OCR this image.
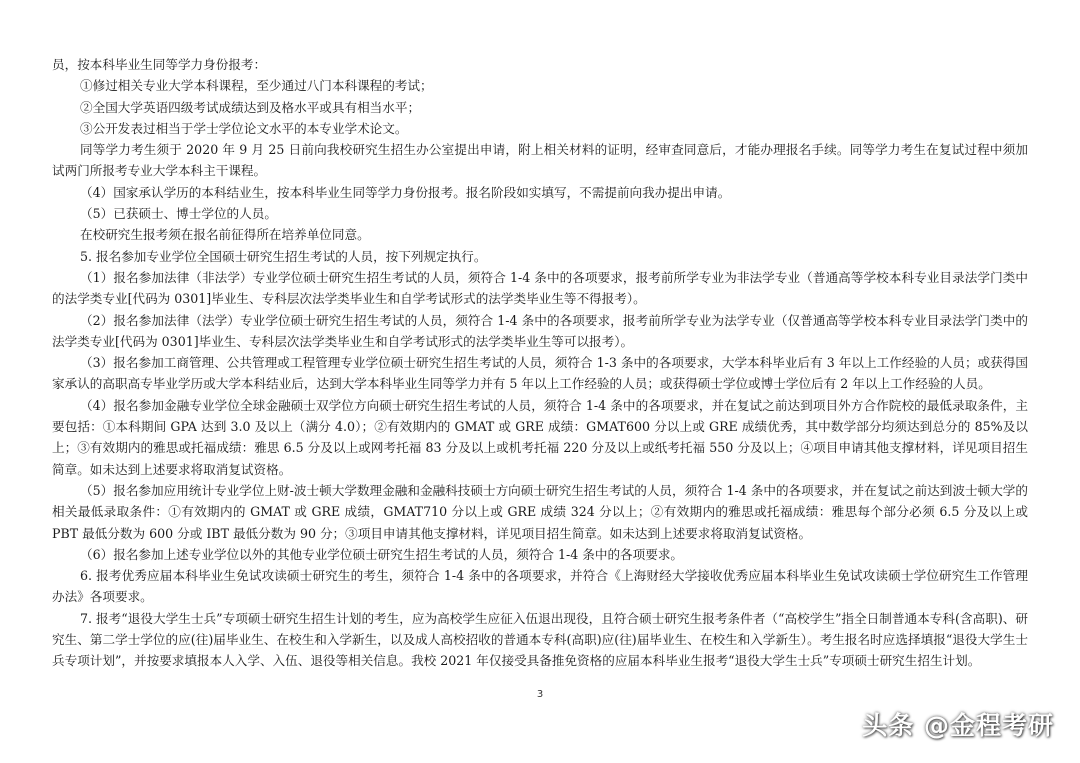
员，按本科毕业生同等学力身份报考：

①修过相关专业大学本科课程，至少通过八门本科课程的考试；

②全国大学英语四级考试成绩达到及格水平或具有相当水平；

③公开发表过相当于学士学位论文水平的本专业学术论文。

同等学力考生须于 2020 年 9 月 25 日前向我校研究生招生办公室提出申请，附上相关材料的证明，经审查同意后，才能办理报名手续。同等学力考生在复试过程中须加试两门所报考专业大学本科主干课程。

（4）国家承认学历的本科结业生，按本科毕业生同等学力身份报考。报名阶段如实填写，不需提前向我办提出申请。

（5）已获硕士、博士学位的人员。

在校研究生报考须在报名前征得所在培养单位同意。

5. 报名参加专业学位全国硕士研究生招生考试的人员，按下列规定执行。

（1）报名参加法律（非法学）专业学位硕士研究生招生考试的人员，须符合 1-4 条中的各项要求，报考前所学专业为非法学专业（普通高等学校本科专业目录法学门类中的法学类专业[代码为 0301]毕业生、专科层次法学类毕业生和自学考试形式的法学类毕业生等不得报考）。

（2）报名参加法律（法学）专业学位硕士研究生招生考试的人员，须符合 1-4 条中的各项要求，报考前所学专业为法学专业（仅普通高等学校本科专业目录法学门类中的法学类专业[代码为 0301]毕业生、专科层次法学类毕业生和自学考试形式的法学类毕业生等可以报考）。

（3）报名参加工商管理、公共管理或工程管理专业学位硕士研究生招生考试的人员，须符合 1-3 条中的各项要求，大学本科毕业后有 3 年以上工作经验的人员；或获得国家承认的高职高专毕业学历或大学本科结业后，达到大学本科毕业生同等学力并有 5 年以上工作经验的人员；或获得硕士学位或博士学位后有 2 年以上工作经验的人员。

（4）报名参加金融专业学位全球金融硕士双学位方向硕士研究生招生考试的人员，须符合 1-4 条中的各项要求，并在复试之前达到项目外方合作院校的最低录取条件，主要包括：①本科期间 GPA 达到 3.0 及以上（满分 4.0）；②有效期内的 GMAT 或 GRE 成绩：GMAT600 分以上或 GRE 成绩优秀，其中数学部分均须达到总分的 85%及以上；③有效期内的雅思或托福成绩：雅思 6.5 分及以上或网考托福 83 分及以上或机考托福 220 分及以上或纸考托福 550 分及以上；④项目申请其他支撑材料，详见项目招生简章。如未达到上述要求将取消复试资格。

（5）报名参加应用统计专业学位上财-波士顿大学数理金融和金融科技硕士方向硕士研究生招生考试的人员，须符合 1-4 条中的各项要求，并在复试之前达到波士顿大学的相关最低录取条件：①有效期内的 GMAT 或 GRE 成绩，GMAT710 分以上或 GRE 成绩 324 分以上；②有效期内的雅思或托福成绩：雅思每个部分必须 6.5 分及以上或 PBT 最低分数为 600 分或 IBT 最低分数为 90 分；③项目申请其他支撑材料，详见项目招生简章。如未达到上述要求将取消复试资格。

（6）报名参加上述专业学位以外的其他专业学位硕士研究生招生考试的人员，须符合 1-4 条中的各项要求。

6. 报考优秀应届本科毕业生免试攻读硕士研究生的考生，须符合 1-4 条中的各项要求，并符合《上海财经大学接收优秀应届本科毕业生免试攻读硕士学位研究生工作管理办法》各项要求。

7. 报考“退役大学生士兵”专项硕士研究生招生计划的考生，应为高校学生应征入伍退出现役，且符合硕士研究生报考条件者（“高校学生”指全日制普通本专科(含高职)、研究生、第二学士学位的应(往)届毕业生、在校生和入学新生，以及成人高校招收的普通本专科(高职)应(往)届毕业生、在校生和入学新生）。考生报名时应选择填报“退役大学生士兵专项计划”，并按要求填报本人入学、入伍、退役等相关信息。我校 2021 年仅接受具备推免资格的应届本科毕业生报考“退役大学生士兵”专项硕士研究生招生计划。

3
头条 @金程考研
